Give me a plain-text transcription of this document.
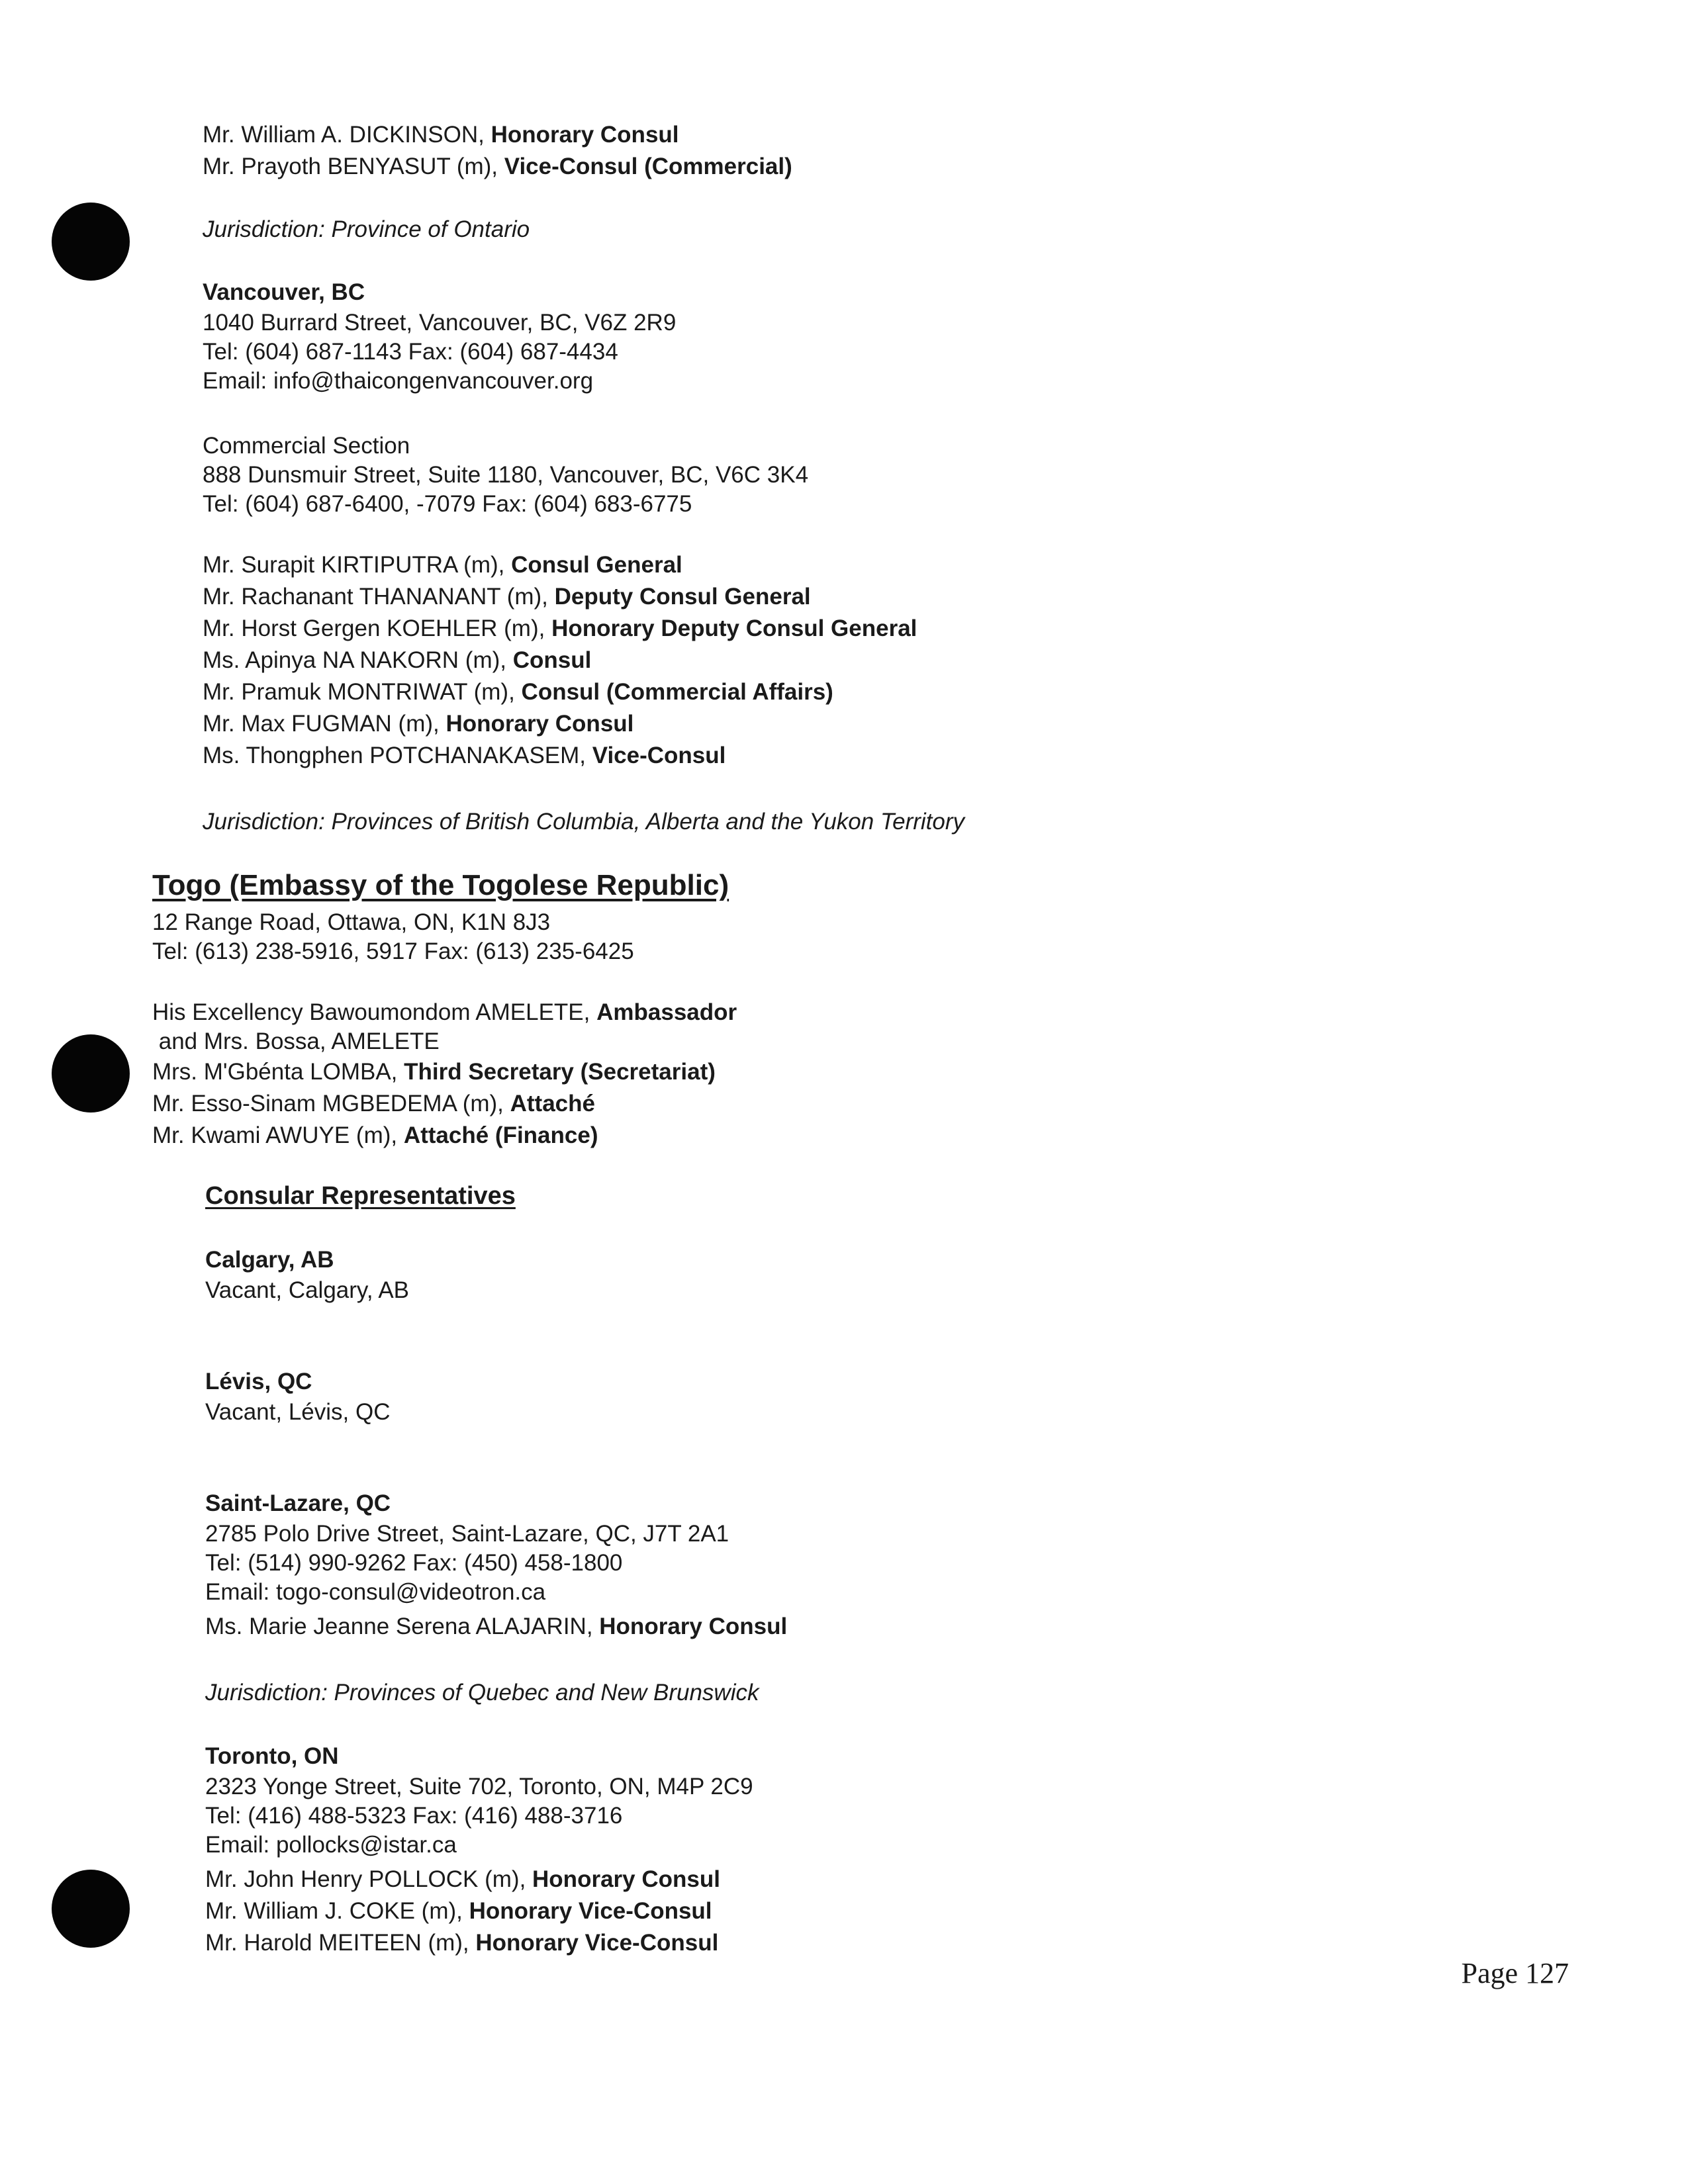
Mr. William A. DICKINSON, Honorary Consul
Mr. Prayoth BENYASUT (m), Vice-Consul (Commercial)
Jurisdiction: Province of Ontario
Vancouver, BC
1040 Burrard Street, Vancouver, BC, V6Z 2R9
Tel: (604) 687-1143 Fax: (604) 687-4434
Email: info@thaicongenvancouver.org
Commercial Section
888 Dunsmuir Street, Suite 1180, Vancouver, BC, V6C 3K4
Tel: (604) 687-6400, -7079 Fax: (604) 683-6775
Mr. Surapit KIRTIPUTRA (m), Consul General
Mr. Rachanant THANANANT (m), Deputy Consul General
Mr. Horst Gergen KOEHLER (m), Honorary Deputy Consul General
Ms. Apinya NA NAKORN (m), Consul
Mr. Pramuk MONTRIWAT (m), Consul (Commercial Affairs)
Mr. Max FUGMAN (m), Honorary Consul
Ms. Thongphen POTCHANAKASEM, Vice-Consul
Jurisdiction: Provinces of British Columbia, Alberta and the Yukon Territory
Togo (Embassy of the Togolese Republic)
12 Range Road, Ottawa, ON, K1N 8J3
Tel: (613) 238-5916, 5917 Fax: (613) 235-6425
His Excellency Bawoumondom AMELETE, Ambassador
and Mrs. Bossa, AMELETE
Mrs. M'Gbénta LOMBA, Third Secretary (Secretariat)
Mr. Esso-Sinam MGBEDEMA (m), Attaché
Mr. Kwami AWUYE (m), Attaché (Finance)
Consular Representatives
Calgary, AB
Vacant, Calgary, AB
Lévis, QC
Vacant, Lévis, QC
Saint-Lazare, QC
2785 Polo Drive Street, Saint-Lazare, QC, J7T 2A1
Tel: (514) 990-9262 Fax: (450) 458-1800
Email: togo-consul@videotron.ca
Ms. Marie Jeanne Serena ALAJARIN, Honorary Consul
Jurisdiction: Provinces of Quebec and New Brunswick
Toronto, ON
2323 Yonge Street, Suite 702, Toronto, ON, M4P 2C9
Tel: (416) 488-5323 Fax: (416) 488-3716
Email: pollocks@istar.ca
Mr. John Henry POLLOCK (m), Honorary Consul
Mr. William J. COKE (m), Honorary Vice-Consul
Mr. Harold MEITEEN (m), Honorary Vice-Consul
Page 127
